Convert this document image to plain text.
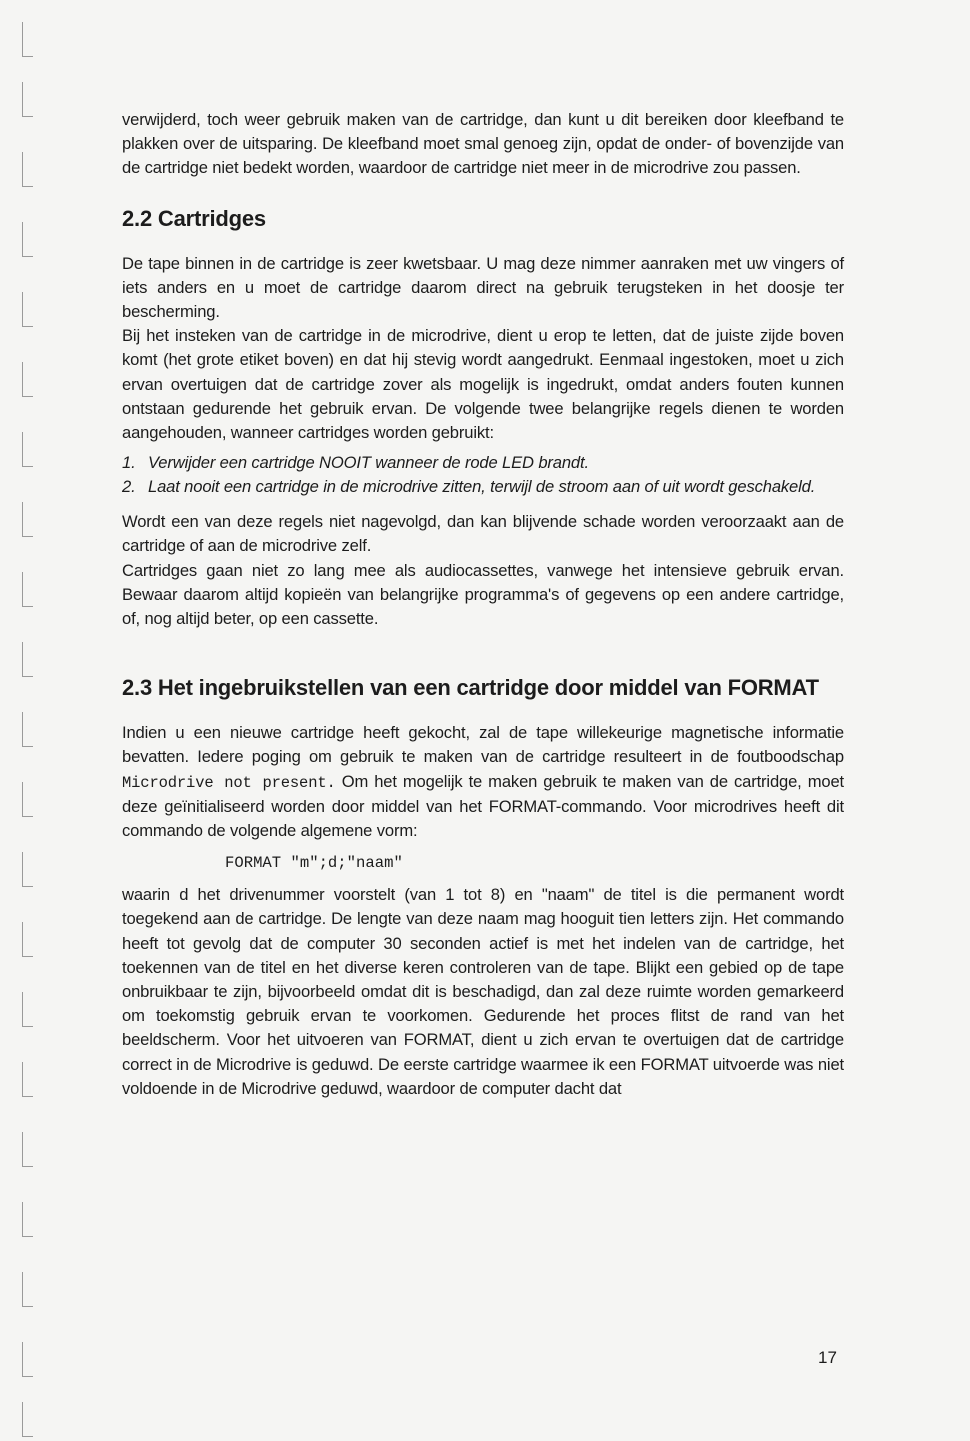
verwijderd, toch weer gebruik maken van de cartridge, dan kunt u dit bereiken door kleefband te plakken over de uitsparing. De kleefband moet smal genoeg zijn, opdat de onder- of bovenzijde van de cartridge niet bedekt worden, waardoor de cartridge niet meer in de microdrive zou passen.

2.2 Cartridges

De tape binnen in de cartridge is zeer kwetsbaar. U mag deze nimmer aanraken met uw vingers of iets anders en u moet de cartridge daarom direct na gebruik terugsteken in het doosje ter bescherming.

Bij het insteken van de cartridge in de microdrive, dient u erop te letten, dat de juiste zijde boven komt (het grote etiket boven) en dat hij stevig wordt aangedrukt. Eenmaal ingestoken, moet u zich ervan overtuigen dat de cartridge zover als mogelijk is ingedrukt, omdat anders fouten kunnen ontstaan gedurende het gebruik ervan. De volgende twee belangrijke regels dienen te worden aangehouden, wanneer cartridges worden gebruikt:

1. Verwijder een cartridge NOOIT wanneer de rode LED brandt.
2. Laat nooit een cartridge in de microdrive zitten, terwijl de stroom aan of uit wordt geschakeld.

Wordt een van deze regels niet nagevolgd, dan kan blijvende schade worden veroorzaakt aan de cartridge of aan de microdrive zelf.

Cartridges gaan niet zo lang mee als audiocassettes, vanwege het intensieve gebruik ervan. Bewaar daarom altijd kopieën van belangrijke programma's of gegevens op een andere cartridge, of, nog altijd beter, op een cassette.

2.3 Het ingebruikstellen van een cartridge door middel van FORMAT

Indien u een nieuwe cartridge heeft gekocht, zal de tape willekeurige magnetische informatie bevatten. Iedere poging om gebruik te maken van de cartridge resulteert in de foutboodschap Microdrive not present. Om het mogelijk te maken gebruik te maken van de cartridge, moet deze geïnitialiseerd worden door middel van het FORMAT-commando. Voor microdrives heeft dit commando de volgende algemene vorm:

FORMAT "m";d;"naam"

waarin d het drivenummer voorstelt (van 1 tot 8) en "naam" de titel is die permanent wordt toegekend aan de cartridge. De lengte van deze naam mag hooguit tien letters zijn. Het commando heeft tot gevolg dat de computer 30 seconden actief is met het indelen van de cartridge, het toekennen van de titel en het diverse keren controleren van de tape. Blijkt een gebied op de tape onbruikbaar te zijn, bijvoorbeeld omdat dit is beschadigd, dan zal deze ruimte worden gemarkeerd om toekomstig gebruik ervan te voorkomen. Gedurende het proces flitst de rand van het beeldscherm. Voor het uitvoeren van FORMAT, dient u zich ervan te overtuigen dat de cartridge correct in de Microdrive is geduwd. De eerste cartridge waarmee ik een FORMAT uitvoerde was niet voldoende in de Microdrive geduwd, waardoor de computer dacht dat

17
